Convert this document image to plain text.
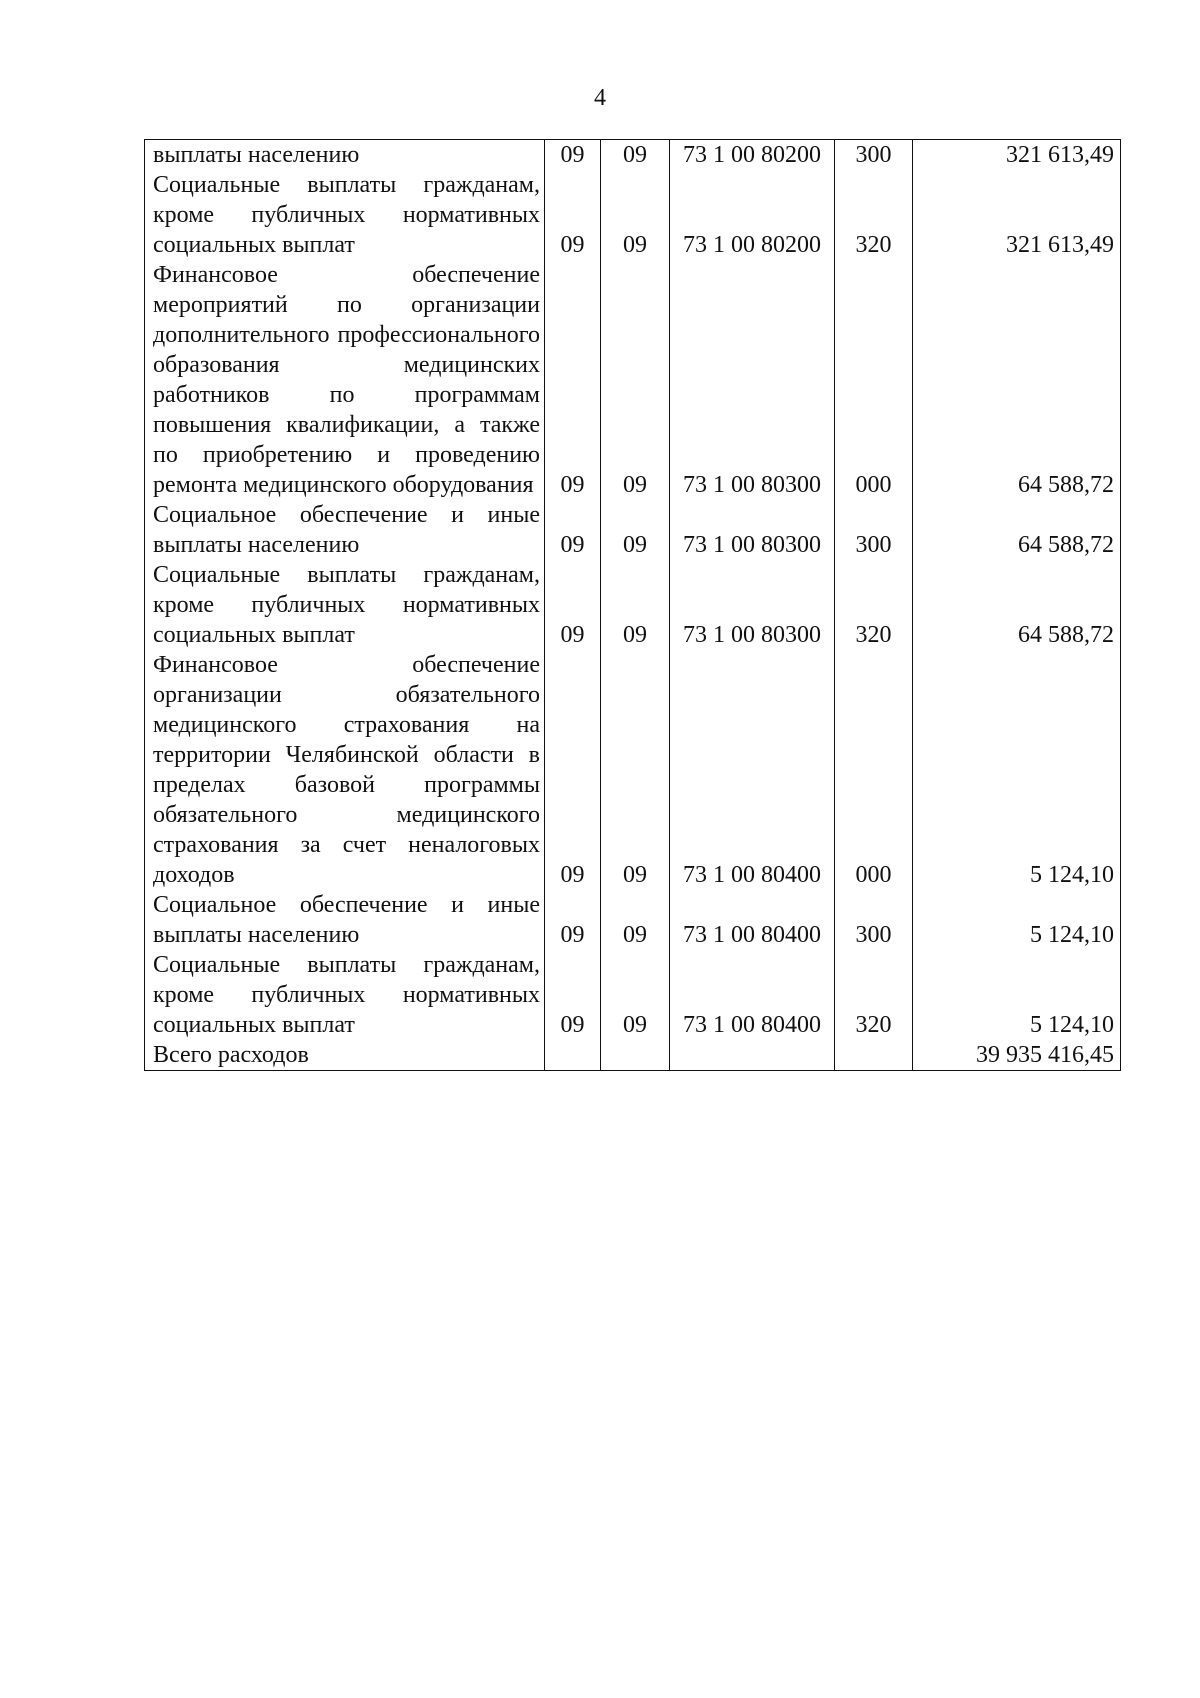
4
выплаты населению	09	09	73 1 00 80200	300	321 613,49
Социальные выплаты гражданам, кроме публичных нормативных социальных выплат	09	09	73 1 00 80200	320	321 613,49
Финансовое обеспечение мероприятий по организации дополнительного профессионального образования медицинских работников по программам повышения квалификации, а также по приобретению и проведению ремонта медицинского оборудования	09	09	73 1 00 80300	000	64 588,72
Социальное обеспечение и иные выплаты населению	09	09	73 1 00 80300	300	64 588,72
Социальные выплаты гражданам, кроме публичных нормативных социальных выплат	09	09	73 1 00 80300	320	64 588,72
Финансовое обеспечение организации обязательного медицинского страхования на территории Челябинской области в пределах базовой программы обязательного медицинского страхования за счет неналоговых доходов	09	09	73 1 00 80400	000	5 124,10
Социальное обеспечение и иные выплаты населению	09	09	73 1 00 80400	300	5 124,10
Социальные выплаты гражданам, кроме публичных нормативных социальных выплат	09	09	73 1 00 80400	320	5 124,10
Всего расходов					39 935 416,45
